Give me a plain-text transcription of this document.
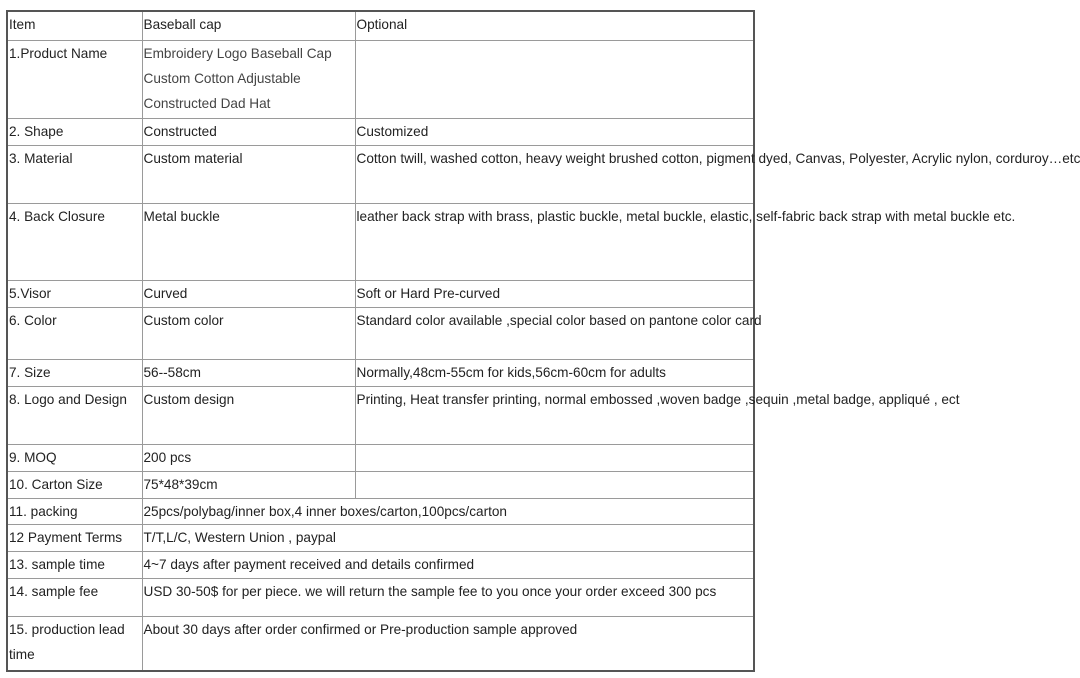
Item	Baseball cap	Optional

1.Product Name	Embroidery Logo Baseball Cap
Custom Cotton Adjustable
Constructed Dad Hat	

2. Shape	Constructed	Customized

3. Material	Custom material	Cotton twill, washed cotton, heavy weight brushed cotton, pigment dyed, Canvas, Polyester, Acrylic nylon, corduroy…etc

4. Back Closure	Metal buckle	leather back strap with brass, plastic buckle, metal buckle, elastic, self-fabric back strap with metal buckle etc.

5.Visor	Curved	Soft or Hard Pre-curved

6. Color	Custom color	Standard color available ,special color based on pantone color card

7. Size	56--58cm	Normally,48cm-55cm for kids,56cm-60cm for adults

8. Logo and Design	Custom design	Printing, Heat transfer printing, normal embossed ,woven badge ,sequin ,metal badge, appliqué , ect

9. MOQ	200 pcs	

10. Carton Size	75*48*39cm	

11. packing	25pcs/polybag/inner box,4 inner boxes/carton,100pcs/carton	

12 Payment Terms	T/T,L/C, Western Union , paypal	

13. sample time	4~7 days after payment received and details confirmed	

14. sample fee	USD 30-50$ for per piece. we will return the sample fee to you once your order exceed 300 pcs	

15. production lead
time	About 30 days after order confirmed or Pre-production sample approved	
